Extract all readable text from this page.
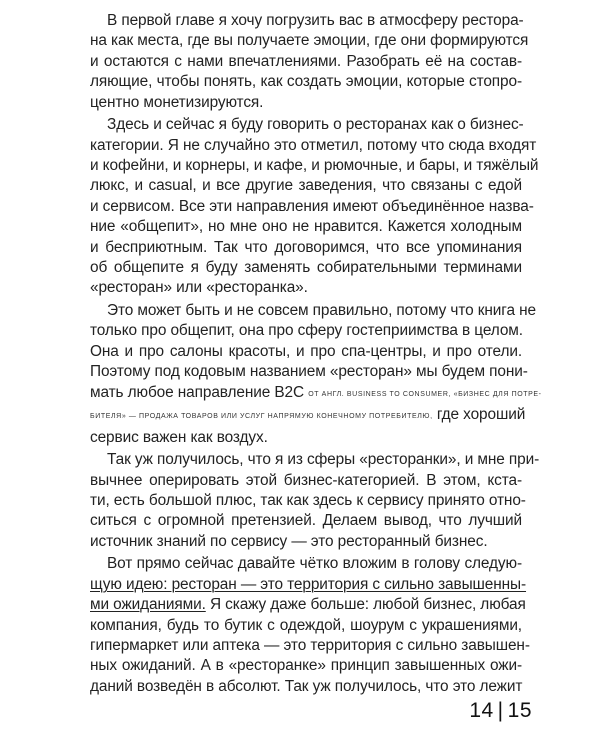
В первой главе я хочу погрузить вас в атмосферу рестора-
на как места, где вы получаете эмоции, где они формируются
и остаются с нами впечатлениями. Разобрать её на состав-
ляющие, чтобы понять, как создать эмоции, которые стопро-
центно монетизируются.

Здесь и сейчас я буду говорить о ресторанах как о бизнес-
категории. Я не случайно это отметил, потому что сюда входят
и кофейни, и корнеры, и кафе, и рюмочные, и бары, и тяжёлый
люкс, и casual, и все другие заведения, что связаны с едой
и сервисом. Все эти направления имеют объединённое назва-
ние «общепит», но мне оно не нравится. Кажется холодным
и бесприютным. Так что договоримся, что все упоминания
об общепите я буду заменять собирательными терминами
«ресторан» или «ресторанка».

Это может быть и не совсем правильно, потому что книга не
только про общепит, она про сферу гостеприимства в целом.
Она и про салоны красоты, и про спа-центры, и про отели.
Поэтому под кодовым названием «ресторан» мы будем пони-
мать любое направление B2C ОТ АНГЛ. BUSINESS TO CONSUMER, «БИЗНЕС ДЛЯ ПОТРЕ-
БИТЕЛЯ» — ПРОДАЖА ТОВАРОВ ИЛИ УСЛУГ НАПРЯМУЮ КОНЕЧНОМУ ПОТРЕБИТЕЛЮ, где хороший
сервис важен как воздух.

Так уж получилось, что я из сферы «ресторанки», и мне при-
вычнее оперировать этой бизнес-категорией. В этом, кста-
ти, есть большой плюс, так как здесь к сервису принято отно-
ситься с огромной претензией. Делаем вывод, что лучший
источник знаний по сервису — это ресторанный бизнес.

Вот прямо сейчас давайте чётко вложим в голову следую-
щую идею: ресторан — это территория с сильно завышенны-
ми ожиданиями. Я скажу даже больше: любой бизнес, любая
компания, будь то бутик с одеждой, шоурум с украшениями,
гипермаркет или аптека — это территория с сильно завышен-
ных ожиданий. А в «ресторанке» принцип завышенных ожи-
даний возведён в абсолют. Так уж получилось, что это лежит

14 | 15
